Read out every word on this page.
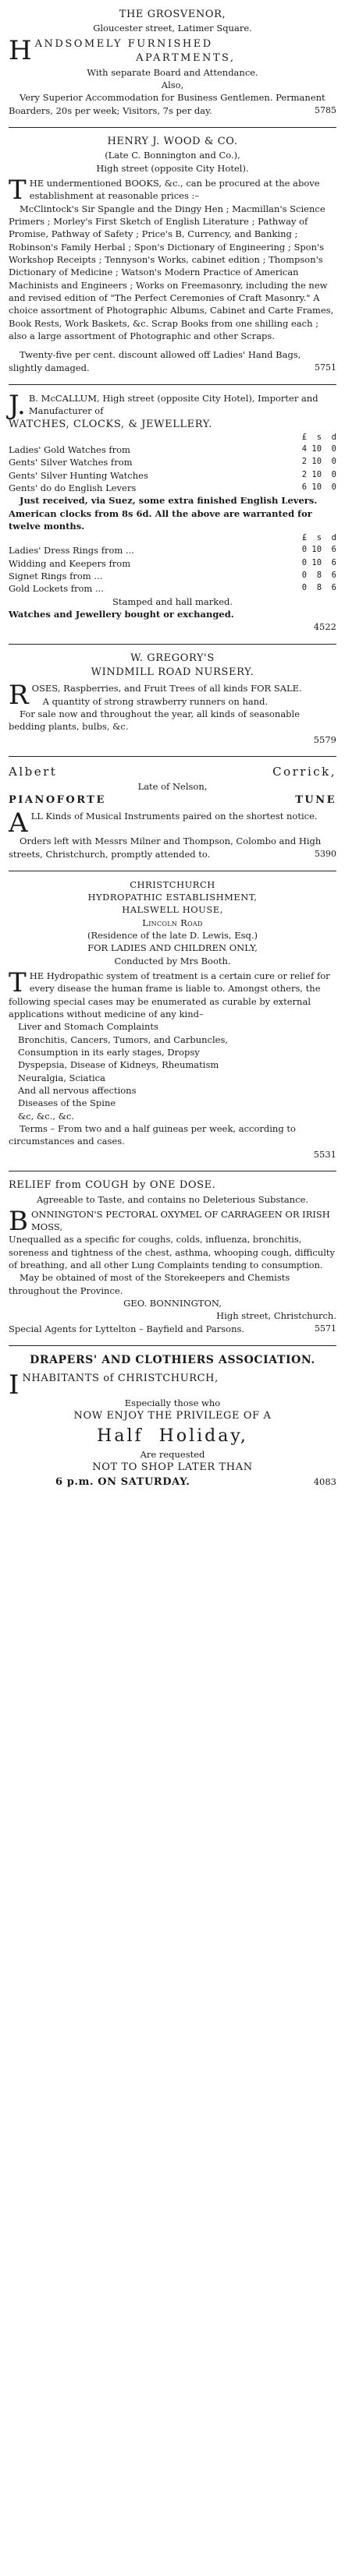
THE GROSVENOR,
Gloucester street, Latimer Square.
H ANDSOMELY FURNISHED
APARTMENTS,
With separate Board and Attendance.
Also,

Very Superior Accommodation for Business Gentlemen. Permanent Boarders, 20s per week; Visitors, 7s per day.	5785

HENRY J. WOOD & CO.
(Late C. Bonnington and Co.),
High street (opposite City Hotel).

T HE undermentioned BOOKS, &c., can be procured at the above establishment at reasonable prices :–

McClintock's Sir Spangle and the Dingy Hen ; Macmillan's Science Primers ; Morley's First Sketch of English Literature ; Pathway of Promise, Pathway of Safety ; Price's B, Currency, and Banking ; Robinson's Family Herbal ; Spon's Dictionary of Engineering ; Spon's Workshop Receipts ; Tennyson's Works, cabinet edition ; Thompson's Dictionary of Medicine ; Watson's Modern Practice of American Machinists and Engineers ; Works on Freemasonry, including the new and revised edition of "The Perfect Ceremonies of Craft Masonry." A choice assortment of Photographic Albums, Cabinet and Carte Frames, Book Rests, Work Baskets, &c. Scrap Books from one shilling each ; also a large assortment of Photographic and other Scraps.

Twenty-five per cent. discount allowed off Ladies' Hand Bags, slightly damaged.	5751

J. B. McCALLUM, High street (opposite City Hotel), Importer and Manufacturer of

WATCHES, CLOCKS, & JEWELLERY.
£  s  d
Ladies' Gold Watches from	4 10  0
Gents' Silver Watches from	2 10  0
Gents' Silver Hunting Watches	2 10  0
Gents' do do English Levers	6 10  0

Just received, via Suez, some extra finished English Levers. American clocks from 8s 6d. All the above are warranted for twelve months.

£  s  d
Ladies' Dress Rings from ...	0 10  6
Widding and Keepers from	0 10  6
Signet Rings from ...	0  8  6
Gold Lockets from ...	0  8  6
Stamped and hall marked.
Watches and Jewellery bought or exchanged.
4522
W. GREGORY'S
WINDMILL ROAD NURSERY.

R OSES, Raspberries, and Fruit Trees of all kinds FOR SALE.

A quantity of strong strawberry runners on hand.

For sale now and throughout the year, all kinds of seasonable bedding plants, bulbs, &c.

5579
Albert	Corrick,
Late of Nelson,
PIANOFORTE	TUNE

A LL Kinds of Musical Instruments paired on the shortest notice.

Orders left with Messrs Milner and Thompson, Colombo and High streets, Christchurch, promptly attended to.	5390

CHRISTCHURCH
HYDROPATHIC ESTABLISHMENT,
HALSWELL HOUSE,
Lincoln Road
(Residence of the late D. Lewis, Esq.)
FOR LADIES AND CHILDREN ONLY,
Conducted by Mrs Booth.

T HE Hydropathic system of treatment is a certain cure or relief for every disease the human frame is liable to. Amongst others, the following special cases may be enumerated as curable by external applications without medicine of any kind–

Liver and Stomach Complaints
Bronchitis, Cancers, Tumors, and Carbuncles,
Consumption in its early stages, Dropsy
Dyspepsia, Disease of Kidneys, Rheumatism
Neuralgia, Sciatica
And all nervous affections
Diseases of the Spine
&c, &c., &c.

Terms – From two and a half guineas per week, according to circumstances and cases.

5531
RELIEF from COUGH by ONE DOSE.
Agreeable to Taste, and contains no Deleterious Substance.

B ONNINGTON'S PECTORAL OXYMEL OF CARRAGEEN OR IRISH MOSS,

Unequalled as a specific for coughs, colds, influenza, bronchitis, soreness and tightness of the chest, asthma, whooping cough, difficulty of breathing, and all other Lung Complaints tending to consumption.

May be obtained of most of the Storekeepers and Chemists throughout the Province.

GEO. BONNINGTON,
High street, Christchurch.

Special Agents for Lyttelton – Bayfield and Parsons.	5571

DRAPERS' AND CLOTHIERS ASSOCIATION.

I NHABITANTS of CHRISTCHURCH,

Especially those who
NOW ENJOY THE PRIVILEGE OF A
Half Holiday,
Are requested
NOT TO SHOP LATER THAN
6 p.m. ON SATURDAY.	4083
